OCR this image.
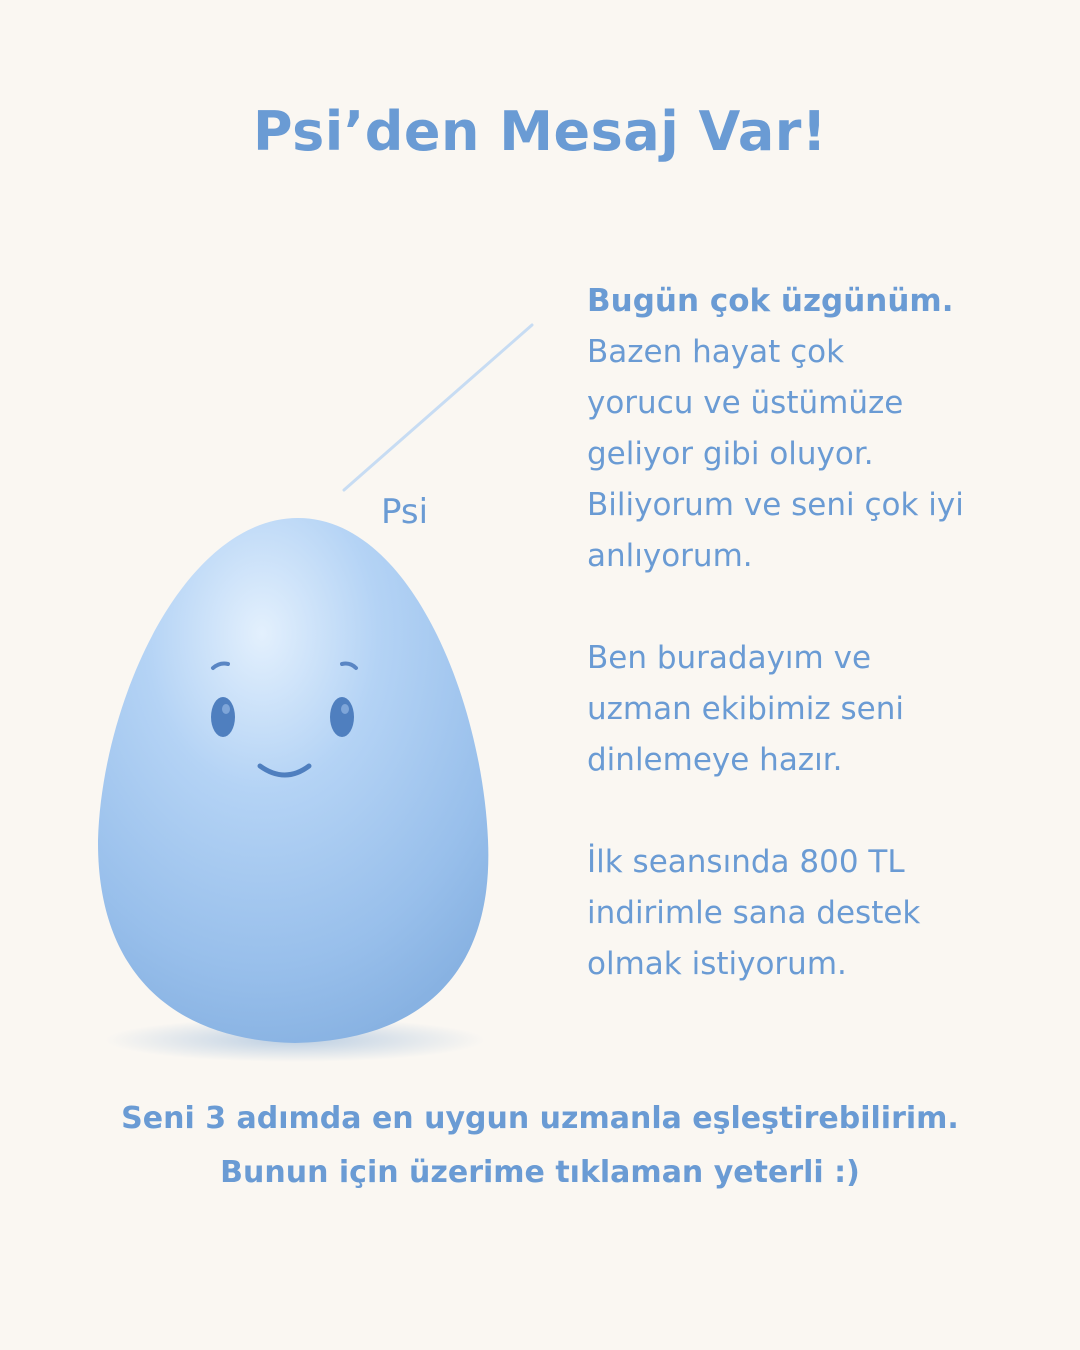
Psi’den Mesaj Var!
Psi

Bugün çok üzgünüm.

Bazen hayat çok

yorucu ve üstümüze

geliyor gibi oluyor.

Biliyorum ve seni çok iyi

anlıyorum.

Ben buradayım ve

uzman ekibimiz seni

dinlemeye hazır.

İlk seansında 800 TL

indirimle sana destek

olmak istiyorum.

Seni 3 adımda en uygun uzmanla eşleştirebilirim.
Bunun için üzerime tıklaman yeterli :)
